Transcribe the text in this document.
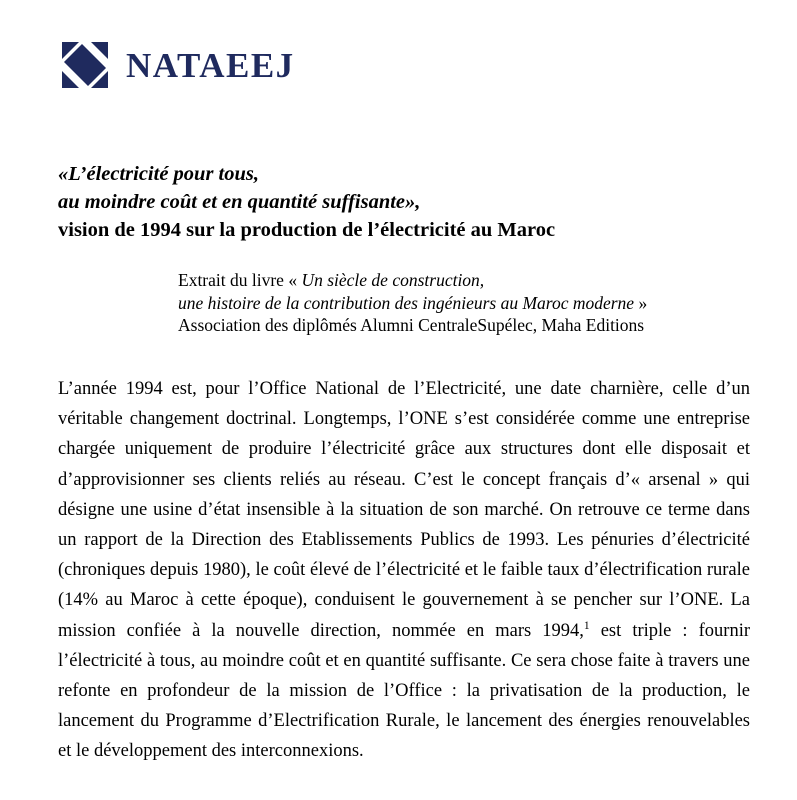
NATAEEJ
«L’électricité pour tous,
au moindre coût et en quantité suffisante»,
vision de 1994 sur la production de l’électricité au Maroc
Extrait du livre « Un siècle de construction,
une histoire de la contribution des ingénieurs au Maroc moderne »
Association des diplômés Alumni CentraleSupélec, Maha Editions

L’année 1994 est, pour l’Office National de l’Electricité, une date charnière, celle d’un véritable changement doctrinal. Longtemps, l’ONE s’est considérée comme une entreprise chargée uniquement de produire l’électricité grâce aux structures dont elle disposait et d’approvisionner ses clients reliés au réseau. C’est le concept français d’« arsenal » qui désigne une usine d’état insensible à la situation de son marché. On retrouve ce terme dans un rapport de la Direction des Etablissements Publics de 1993. Les pénuries d’électricité (chroniques depuis 1980), le coût élevé de l’électricité et le faible taux d’électrification rurale (14% au Maroc à cette époque), conduisent le gouvernement à se pencher sur l’ONE. La mission confiée à la nouvelle direction, nommée en mars 1994,$^1$ est triple : fournir l’électricité à tous, au moindre coût et en quantité suffisante. Ce sera chose faite à travers une refonte en profondeur de la mission de l’Office : la privatisation de la production, le lancement du Programme d’Electrification Rurale, le lancement des énergies renouvelables et le développement des interconnexions.
